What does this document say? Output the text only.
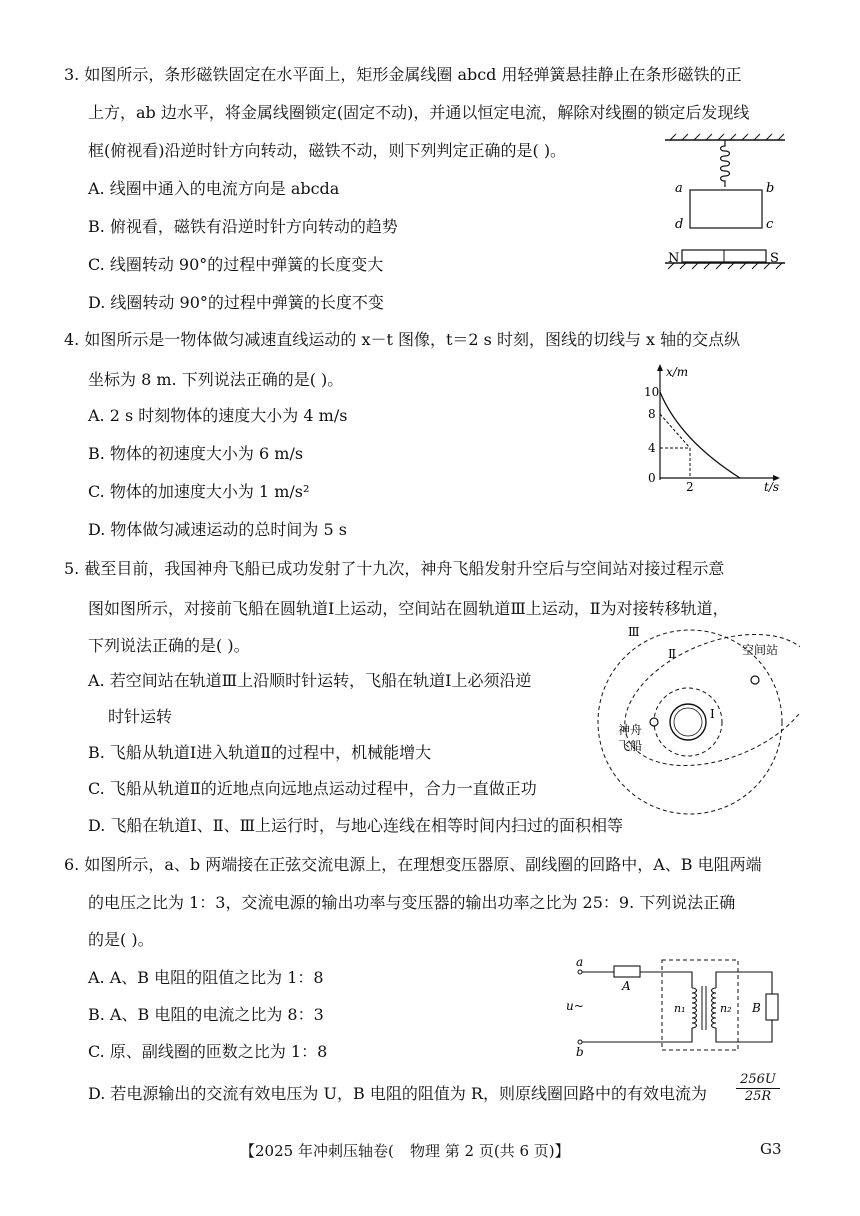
3. 如图所示，条形磁铁固定在水平面上，矩形金属线圈 abcd 用轻弹簧悬挂静止在条形磁铁的正
上方，ab 边水平，将金属线圈锁定(固定不动)，并通以恒定电流，解除对线圈的锁定后发现线
框(俯视看)沿逆时针方向转动，磁铁不动，则下列判定正确的是( )。
A. 线圈中通入的电流方向是 abcda
B. 俯视看，磁铁有沿逆时针方向转动的趋势
C. 线圈转动 90°的过程中弹簧的长度变大
D. 线圈转动 90°的过程中弹簧的长度不变
a	b
c
d
N	S
4. 如图所示是一物体做匀减速直线运动的 x－t 图像，t＝2 s 时刻，图线的切线与 x 轴的交点纵
坐标为 8 m. 下列说法正确的是( )。
A. 2 s 时刻物体的速度大小为 4 m/s
B. 物体的初速度大小为 6 m/s
C. 物体的加速度大小为 1 m/s²
D. 物体做匀减速运动的总时间为 5 s
x/m
t/s
10
8
4
0
2
5. 截至目前，我国神舟飞船已成功发射了十九次，神舟飞船发射升空后与空间站对接过程示意
图如图所示，对接前飞船在圆轨道Ⅰ上运动，空间站在圆轨道Ⅲ上运动，Ⅱ为对接转移轨道，
下列说法正确的是( )。
A. 若空间站在轨道Ⅲ上沿顺时针运转，飞船在轨道Ⅰ上必须沿逆
时针运转
B. 飞船从轨道Ⅰ进入轨道Ⅱ的过程中，机械能增大
C. 飞船从轨道Ⅱ的近地点向远地点运动过程中，合力一直做正功
D. 飞船在轨道Ⅰ、Ⅱ、Ⅲ上运行时，与地心连线在相等时间内扫过的面积相等
Ⅲ
Ⅱ
Ⅰ
空间站
神舟
飞船
6. 如图所示，a、b 两端接在正弦交流电源上，在理想变压器原、副线圈的回路中，A、B 电阻两端
的电压之比为 1：3，交流电源的输出功率与变压器的输出功率之比为 25：9. 下列说法正确
的是( )。
A. A、B 电阻的阻值之比为 1：8
B. A、B 电阻的电流之比为 8：3
C. 原、副线圈的匝数之比为 1：8
D. 若电源输出的交流有效电压为 U，B 电阻的阻值为 R，则原线圈回路中的有效电流为 $\frac{256U}{25R}$
a
b
u~
A
n₁	n₂ B
【2025 年冲刺压轴卷( 物理 第 2 页(共 6 页)】	G3
